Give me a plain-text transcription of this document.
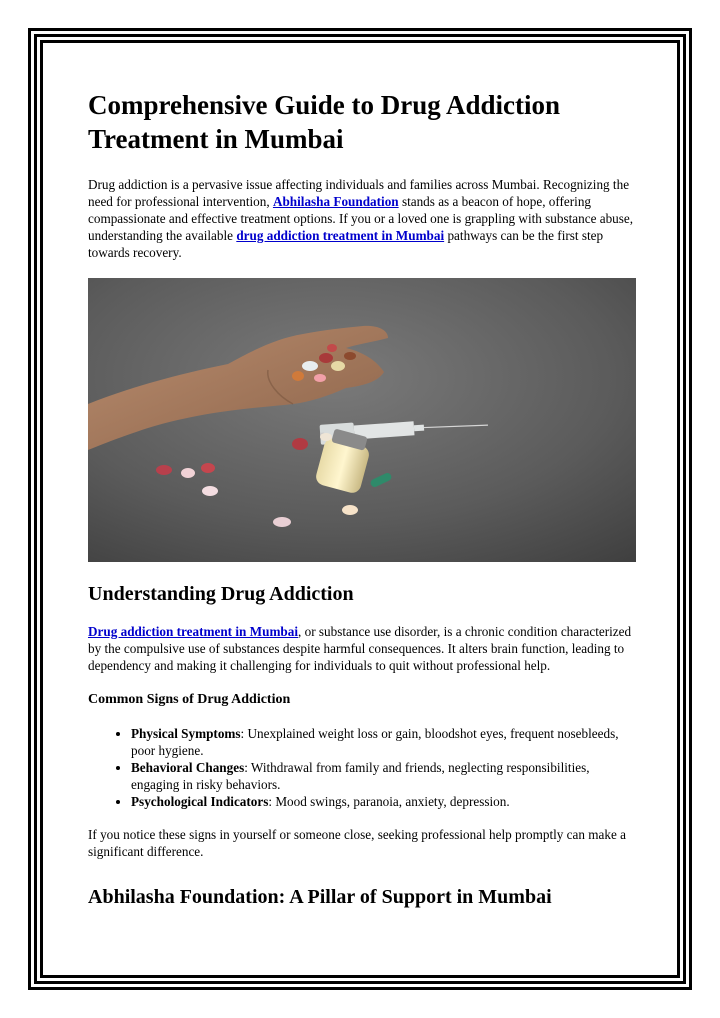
Comprehensive Guide to Drug Addiction Treatment in Mumbai

Drug addiction is a pervasive issue affecting individuals and families across Mumbai. Recognizing the need for professional intervention, Abhilasha Foundation stands as a beacon of hope, offering compassionate and effective treatment options. If you or a loved one is grappling with substance abuse, understanding the available drug addiction treatment in Mumbai pathways can be the first step towards recovery.

Understanding Drug Addiction

Drug addiction treatment in Mumbai, or substance use disorder, is a chronic condition characterized by the compulsive use of substances despite harmful consequences. It alters brain function, leading to dependency and making it challenging for individuals to quit without professional help.

Common Signs of Drug Addiction
• Physical Symptoms: Unexplained weight loss or gain, bloodshot eyes, frequent nosebleeds, poor hygiene.
• Behavioral Changes: Withdrawal from family and friends, neglecting responsibilities, engaging in risky behaviors.
• Psychological Indicators: Mood swings, paranoia, anxiety, depression.

If you notice these signs in yourself or someone close, seeking professional help promptly can make a significant difference.

Abhilasha Foundation: A Pillar of Support in Mumbai
